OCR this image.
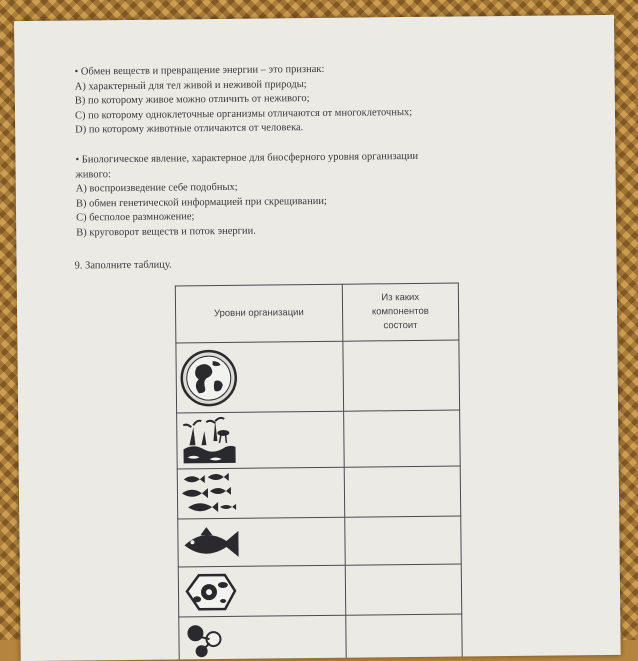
• Обмен веществ и превращение энергии – это признак:

A) характерный для тел живой и неживой природы;

B) по которому живое можно отличить от неживого;

C) по которому одноклеточные организмы отличаются от многоклеточных;

D) по которому животные отличаются от человека.

• Биологическое явление, характерное для биосферного уровня организации

живого:

A) воспроизведение себе подобных;

B) обмен генетической информацией при скрещивании;

C) бесполое размножение;

B) круговорот веществ и поток энергии.

9. Заполните таблицу.
Уровни организации	Из каких
компонентов
состоит
